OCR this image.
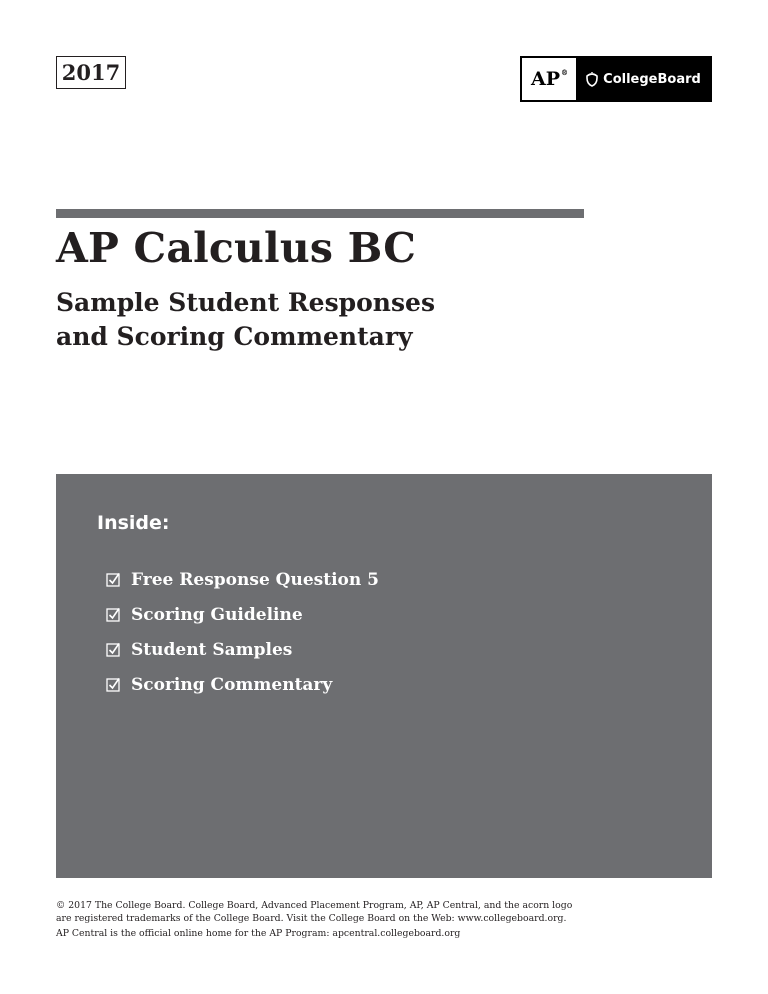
2017	AP®	CollegeBoard
AP Calculus BC
Sample Student Responses
and Scoring Commentary
Inside:
Free Response Question 5
Scoring Guideline
Student Samples
Scoring Commentary

© 2017 The College Board. College Board, Advanced Placement Program, AP, AP Central, and the acorn logo

are registered trademarks of the College Board. Visit the College Board on the Web: www.collegeboard.org.

AP Central is the official online home for the AP Program: apcentral.collegeboard.org
